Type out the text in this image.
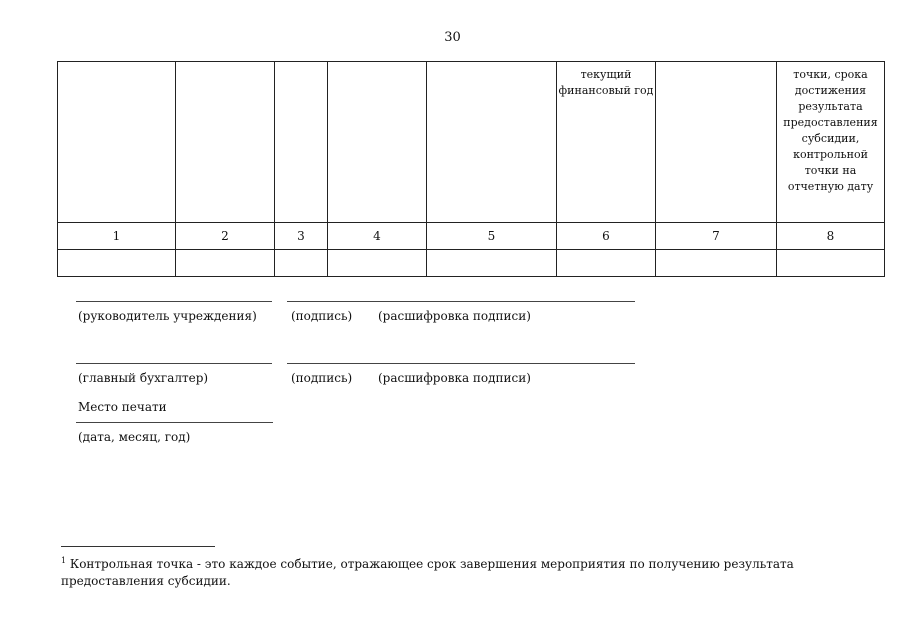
30
					текущий финансовый год		точки, срока достижения результата предоставления субсидии, контрольной точки на отчетную дату
1	2	3	4	5	6	7	8

(руководитель учреждения)	(подпись) (расшифровка подписи)
(главный бухгалтер)	(подпись) (расшифровка подписи)
Место печати
(дата, месяц, год)
$^1$ Контрольная точка - это каждое событие, отражающее срок завершения мероприятия по получению результата предоставления субсидии.
